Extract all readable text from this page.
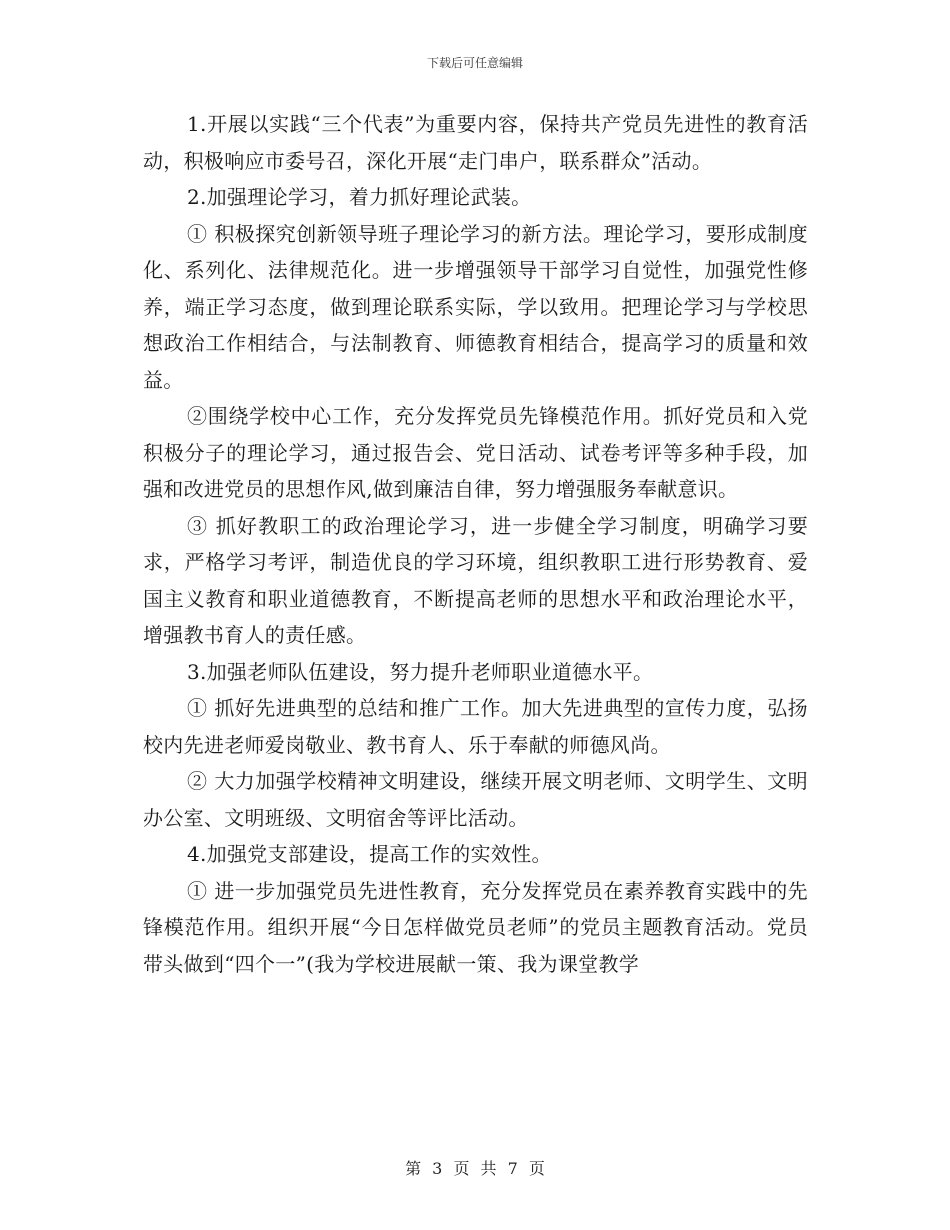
下载后可任意编辑

1.开展以实践“三个代表”为重要内容，保持共产党员先进性的教育活动，积极响应市委号召，深化开展“走门串户，联系群众”活动。

2.加强理论学习，着力抓好理论武装。

① 积极探究创新领导班子理论学习的新方法。理论学习，要形成制度化、系列化、法律规范化。进一步增强领导干部学习自觉性，加强党性修养，端正学习态度，做到理论联系实际，学以致用。把理论学习与学校思想政治工作相结合，与法制教育、师德教育相结合，提高学习的质量和效益。

②围绕学校中心工作，充分发挥党员先锋模范作用。抓好党员和入党积极分子的理论学习，通过报告会、党日活动、试卷考评等多种手段，加强和改进党员的思想作风,做到廉洁自律，努力增强服务奉献意识。

③ 抓好教职工的政治理论学习，进一步健全学习制度，明确学习要求，严格学习考评，制造优良的学习环境，组织教职工进行形势教育、爱国主义教育和职业道德教育，不断提高老师的思想水平和政治理论水平，增强教书育人的责任感。

3.加强老师队伍建设，努力提升老师职业道德水平。

① 抓好先进典型的总结和推广工作。加大先进典型的宣传力度，弘扬校内先进老师爱岗敬业、教书育人、乐于奉献的师德风尚。

② 大力加强学校精神文明建设，继续开展文明老师、文明学生、文明办公室、文明班级、文明宿舍等评比活动。

4.加强党支部建设，提高工作的实效性。

① 进一步加强党员先进性教育，充分发挥党员在素养教育实践中的先锋模范作用。组织开展“今日怎样做党员老师”的党员主题教育活动。党员带头做到“四个一”(我为学校进展献一策、我为课堂教学

第 3 页 共 7 页
